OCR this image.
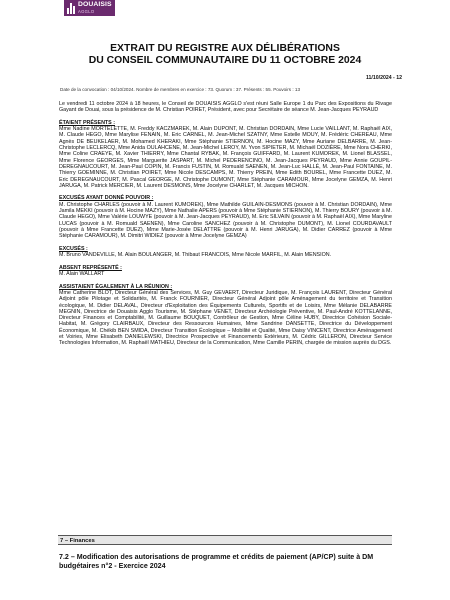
DOUAISIS
AGGLO
EXTRAIT DU REGISTRE AUX DÉLIBÉRATIONS
DU CONSEIL COMMUNAUTAIRE DU 11 OCTOBRE 2024
11/10/2024 - 12
Date de la convocation : 04/10/2024. Nombre de membres en exercice : 73. Quorum : 37. Présents : 55. Pouvoirs : 13

Le vendredi 11 octobre 2024 à 18 heures, le Conseil de DOUAISIS AGGLO s'est réuni Salle Europe 1 du Parc des Expositions du Rivage Gayant de Douai, sous la présidence de M. Christian POIRET, Président, avec pour Secrétaire de séance M. Jean-Jacques PEYRAUD

ÉTAIENT PRÉSENTS :

Mme Nadine MORTELETTE, M. Freddy KACZMAREK, M. Alain DUPONT, M. Christian DORDAIN, Mme Lucie VAILLANT, M. Raphaël AIX, M. Claude HEGO, Mme Marylise FENAIN, M. Eric CARNEL, M. Jean-Michel SZATNY, Mme Estelle MOUY, M. Frédéric CHEREAU, Mme Agnès DE BEUKELAER, M. Mohamed KHERAKI, Mme Stéphanie STIERNON, M. Hocine MAZY, Mme Auriane DELBARRE, M. Jean-Christophe LECLERCQ, Mme Anida OULAHCENE, M. Jean-Michel LEROY, M. Yvon SIPIETER, M. Michaël DOZIÈRE, Mme Nora CHERKI, Mme Coline CRAEYE, M. Xavier THIERRY, Mme Chantal RYBAK, M. François GUIFFARD, M. Laurent KUMOREK, M. Lionel BLASSEL, Mme Florence GEORGES, Mme Marguerite JASPART, M. Michel PEDERENCINO, M. Jean-Jacques PEYRAUD, Mme Annie GOUPIL-DEREGNAUCOURT, M. Jean-Paul COPIN, M. Francis FUSTIN, M. Romuald SAENEN, M. Jean-Luc HALLÉ, M. Jean-Paul FONTAINE, M. Thierry GOEMINNE, M. Christian POIRET, Mme Nicole DESCAMPS, M. Thierry PREIN, Mme Edith BOUREL, Mme Francette DUEZ, M. Eric DEREGNAUCOURT, M. Pascal GEORGE, M. Christophe DUMONT, Mme Stéphanie CARAMOUR, Mme Jocelyne GEMZA, M. Henri JARUGA, M. Patrick MERCIER, M. Laurent DESMONS, Mme Jocelyne CHARLET, M. Jacques MICHON.

EXCUSÉS AYANT DONNÉ POUVOIR :

M. Christophe CHARLES (pouvoir à M. Laurent KUMOREK), Mme Mathilde GUILAIN-DESMONS (pouvoir à M. Christian DORDAIN), Mme Jamila MEKKI (pouvoir à M. Hocine MAZY), Mme Nathalie APERS (pouvoir à Mme Stéphanie STIERNON), M. Thierry BOURY (pouvoir à M. Claude HEGO), Mme Valérie LOUWYE (pouvoir à M. Jean-Jacques PEYRAUD), M. Eric SILVAIN (pouvoir à M. Raphaël AIX), Mme Maryline LUCAS (pouvoir à M. Romuald SAENEN), Mme Caroline SANCHEZ (pouvoir à M. Christophe DUMONT), M. Lionel COURDAVAULT (pouvoir à Mme Francette DUEZ), Mme Marie-Josée DELATTRE (pouvoir à M. Henri JARUGA), M. Didier CARREZ (pouvoir à Mme Stéphanie CARAMOUR), M. Dimitri WIDIEZ (pouvoir à Mme Jocelyne GEMZA)

EXCUSÉS :

M. Bruno VANDEVILLE, M. Alain BOULANGER, M. Thibaut FRANCOIS, Mme Nicole MARFIL, M. Alain MENSION.

ABSENT REPRÉSENTÉ :

M. Alain WALLART

ASSISTAIENT ÉGALEMENT À LA RÉUNION :

Mme Catherine BLOT, Directeur Général des Services, M. Guy GEVAERT, Directeur Juridique, M. François LAURENT, Directeur Général Adjoint pôle Pilotage et Solidarités, M. Franck FOURNIER, Directeur Général Adjoint pôle Aménagement du territoire et Transition écologique, M. Didier DELAVAL, Directeur d'Exploitation des Équipements Culturels, Sportifs et de Loisirs, Mme Mélanie DELABARRE MEGNIN, Directrice de Douaisis Agglo Tourisme, M. Stéphane VENET, Directeur Archéologie Préventive, M. Paul-André KOTTELANNE, Directeur Finances et Comptabilité, M. Guillaume BOUQUET, Contrôleur de Gestion, Mme Céline HUBY, Directrice Cohésion Sociale-Habitat, M. Grégory CLAIRBAUX, Directeur des Ressources Humaines, Mme Sandrine DANSETTE, Directrice du Développement Économique, M. Chékib BEN SMIDA, Directeur Transition Écologique – Mobilité et Qualité, Mme Daisy VINCENT, Directrice Aménagement et Voiries, Mme Elisabeth DANIELEWSKI, Directrice Prospective et Financements Extérieurs, M. Cédric GILLERON, Directeur Service Technologies Information, M. Raphaël MATHIEU, Directeur de la Communication, Mme Camille PERIN, chargée de mission auprès du DGS.

7 – Finances
7.2 – Modification des autorisations de programme et crédits de paiement (AP/CP) suite à DM budgétaires n°2 - Exercice 2024
